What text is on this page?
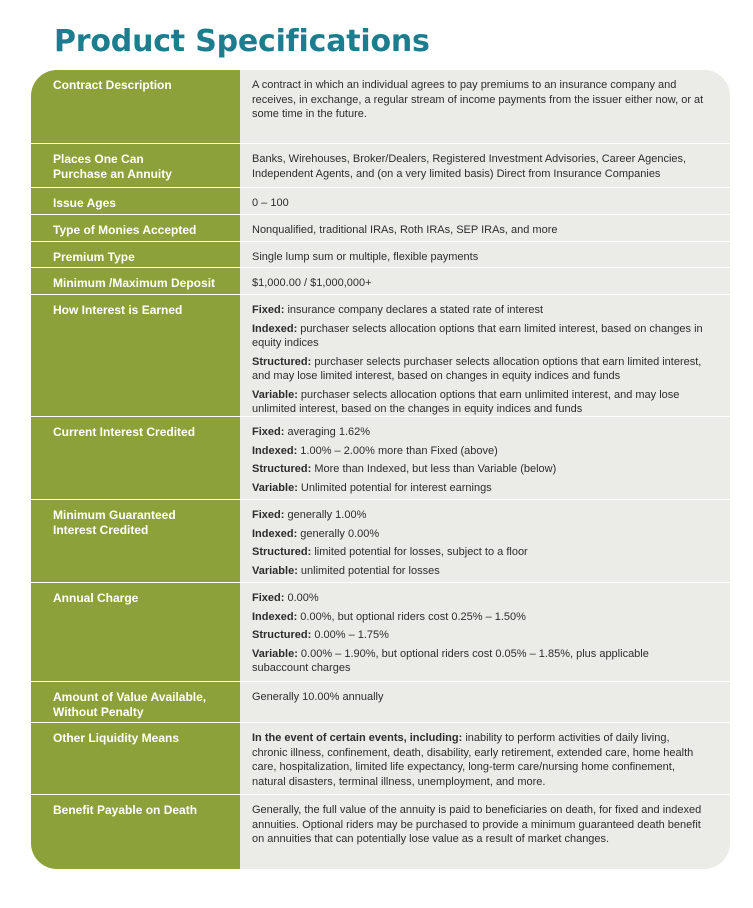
Product Specifications
Contract Description
Places One Can Purchase an Annuity
Issue Ages
Type of Monies Accepted
Premium Type
Minimum /Maximum Deposit
How Interest is Earned
Current Interest Credited
Minimum Guaranteed Interest Credited
Annual Charge
Amount of Value Available, Without Penalty
Other Liquidity Means
Benefit Payable on Death
A contract in which an individual agrees to pay premiums to an insurance company and receives, in exchange, a regular stream of income payments from the issuer either now, or at some time in the future.
Banks, Wirehouses, Broker/Dealers, Registered Investment Advisories, Career Agencies, Independent Agents, and (on a very limited basis) Direct from Insurance Companies
0 – 100
Nonqualified, traditional IRAs, Roth IRAs, SEP IRAs, and more
Single lump sum or multiple, flexible payments
$1,000.00 / $1,000,000+
Fixed: insurance company declares a stated rate of interest
Indexed: purchaser selects allocation options that earn limited interest, based on changes in equity indices
Structured: purchaser selects purchaser selects allocation options that earn limited interest, and may lose limited interest, based on changes in equity indices and funds
Variable: purchaser selects allocation options that earn unlimited interest, and may lose unlimited interest, based on the changes in equity indices and funds
Fixed: averaging 1.62%
Indexed: 1.00% – 2.00% more than Fixed (above)
Structured: More than Indexed, but less than Variable (below)
Variable: Unlimited potential for interest earnings
Fixed: generally 1.00%
Indexed: generally 0.00%
Structured: limited potential for losses, subject to a floor
Variable: unlimited potential for losses
Fixed: 0.00%
Indexed: 0.00%, but optional riders cost 0.25% – 1.50%
Structured: 0.00% – 1.75%
Variable: 0.00% – 1.90%, but optional riders cost 0.05% – 1.85%, plus applicable subaccount charges
Generally 10.00% annually
In the event of certain events, including: inability to perform activities of daily living, chronic illness, confinement, death, disability, early retirement, extended care, home health care, hospitalization, limited life expectancy, long-term care/nursing home confinement, natural disasters, terminal illness, unemployment, and more.
Generally, the full value of the annuity is paid to beneficiaries on death, for fixed and indexed annuities. Optional riders may be purchased to provide a minimum guaranteed death benefit on annuities that can potentially lose value as a result of market changes.
